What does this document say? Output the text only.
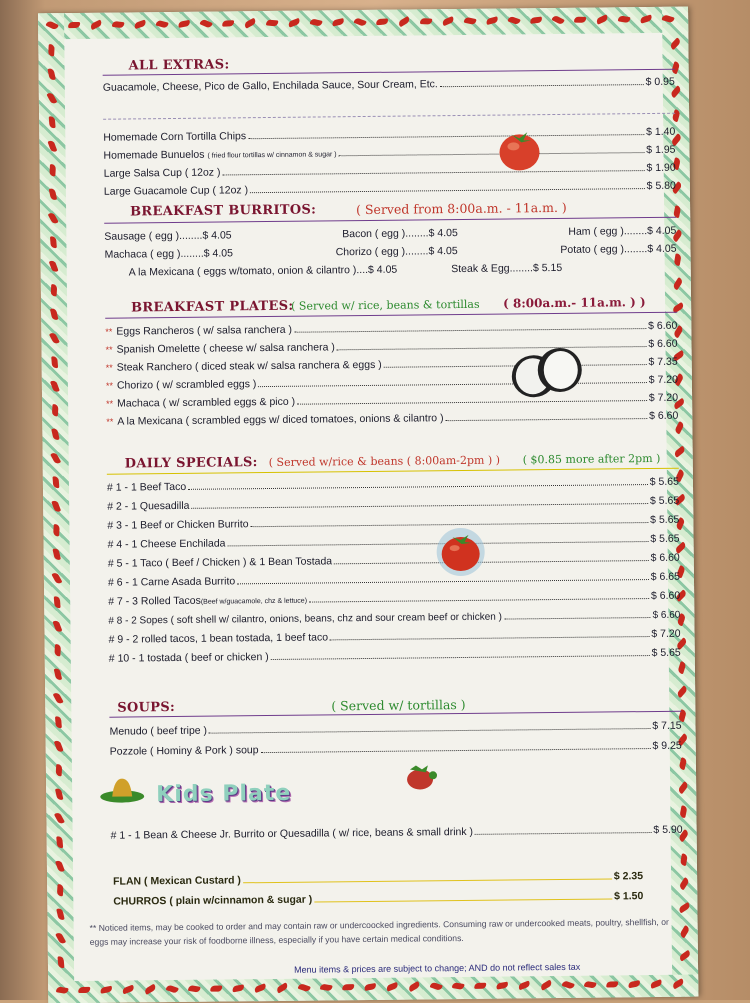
ALL EXTRAS:
Guacamole, Cheese, Pico de Gallo, Enchilada Sauce, Sour Cream, Etc.	$ 0.95
Homemade Corn Tortilla Chips	$ 1.40
Homemade Bunuelos
( fried flour tortillas w/ cinnamon & sugar )	$ 1.95
Large Salsa Cup ( 12oz )	$ 1.90
Large Guacamole Cup ( 12oz )	$ 5.80
BREAKFAST BURRITOS:	( Served from 8:00a.m. - 11a.m. )
Sausage ( egg )........$ 4.05	Bacon ( egg )........$ 4.05	Ham ( egg )........$ 4.05
Machaca ( egg )........$ 4.05	Chorizo ( egg )........$ 4.05	Potato ( egg )........$ 4.05
A la Mexicana ( eggs w/tomato, onion & cilantro )....$ 4.05	Steak & Egg........$ 5.15
BREAKFAST PLATES:
( Served w/ rice, beans & tortillas ( 8:00a.m.- 11a.m. ) )
** Eggs Rancheros ( w/ salsa ranchera )	$ 6.60
** Spanish Omelette ( cheese w/ salsa ranchera )	$ 6.60
** Steak Ranchero ( diced steak w/ salsa ranchera & eggs )	$ 7.35
** Chorizo ( w/ scrambled eggs )	$ 7.20
** Machaca ( w/ scrambled eggs & pico )	$ 7.20
** A la Mexicana ( scrambled eggs w/ diced tomatoes, onions & cilantro )	$ 6.60
DAILY SPECIALS: ( Served w/rice & beans ( 8:00am-2pm ) ) ( $0.85 more after 2pm )
# 1 - 1 Beef Taco	$ 5.65
# 2 - 1 Quesadilla	$ 5.65
# 3 - 1 Beef or Chicken Burrito	$ 5.65
# 4 - 1 Cheese Enchilada	$ 5.65
# 5 - 1 Taco ( Beef / Chicken ) & 1 Bean Tostada	$ 6.60
# 6 - 1 Carne Asada Burrito	$ 6.65
# 7 - 3 Rolled Tacos (Beef w/guacamole, chz & lettuce)	$ 6.60
# 8 - 2 Sopes ( soft shell w/ cilantro, onions, beans, chz and sour cream beef or chicken )	$ 6.60
# 9 - 2 rolled tacos, 1 bean tostada, 1 beef taco	$ 7.20
# 10 - 1 tostada ( beef or chicken )	$ 5.65
SOUPS:	( Served w/ tortillas )
Menudo ( beef tripe )	$ 7.15
Pozzole ( Hominy & Pork ) soup	$ 9.25
Kids Plate
# 1 - 1 Bean & Cheese Jr. Burrito or Quesadilla ( w/ rice, beans & small drink )	$ 5.90
FLAN ( Mexican Custard )	$ 2.35
CHURROS ( plain w/cinnamon & sugar )	$ 1.50
** Noticed items, may be cooked to order and may contain raw or undercoocked ingredients. Consuming raw or undercooked meats, poultry, shellfish, or eggs may increase your risk of foodborne illness, especially if you have certain medical conditions.
Menu items & prices are subject to change; AND do not reflect sales tax
